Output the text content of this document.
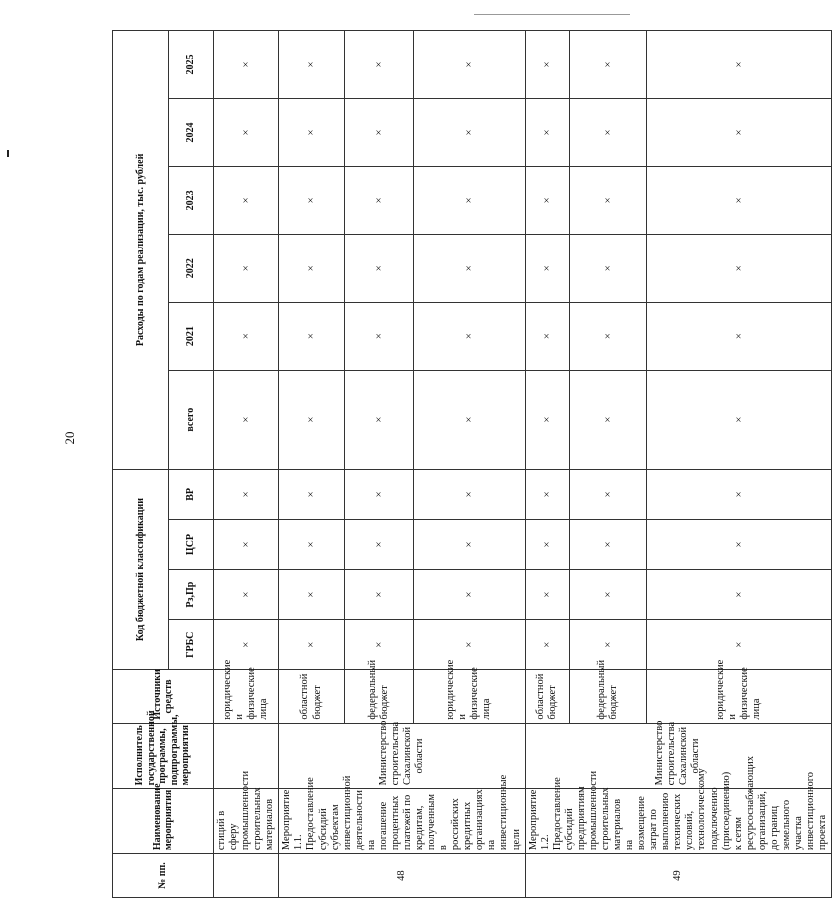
20
№ пп.	Наименование мероприятия	Исполнитель государственной программы, подпрограммы, мероприятия	Источники средств	Код бюджетной классификации				Расходы по годам реализации, тыс. рублей					
				ГРБС	Рз,Пр	ЦСР	ВР	всего	2021	2022	2023	2024	2025
	стиций в сферу промышленности строительных материалов		юридические и физические лица	×	×	×	×	×	×	×	×	×	×
48	Мероприятие 1.1. Предоставление субсидий субъектам инвестиционной деятельности на погашение процентных платежей по кредитам, полученным в российских кредитных организациях на инвестиционные цели	Министерство строительства Сахалинской области	областной бюджет	×	×	×	×	×	×	×	×	×	×
			федеральный бюджет	×	×	×	×	×	×	×	×	×	×
			юридические и физические лица	×	×	×	×	×	×	×	×	×	×
49	Мероприятие 1.2. Предоставление субсидий предприятиям промышленности строительных материалов на возмещение затрат по выполнению технических условий, технологическому подключению (присоединению) к сетям ресурсоснабжающих организаций, до границ земельного участка инвестиционного проекта	Министерство строительства Сахалинской области	областной бюджет	×	×	×	×	×	×	×	×	×	×
			федеральный бюджет	×	×	×	×	×	×	×	×	×	×
			юридические и физические лица	×	×	×	×	×	×	×	×	×	×
